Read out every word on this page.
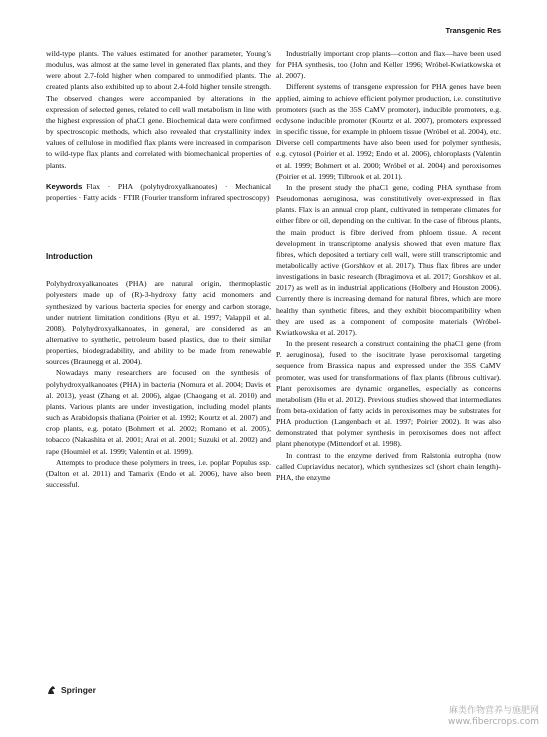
Transgenic Res

wild-type plants. The values estimated for another parameter, Young’s modulus, was almost at the same level in generated flax plants, and they were about 2.7-fold higher when compared to unmodified plants. The created plants also exhibited up to about 2.4-fold higher tensile strength. The observed changes were accompanied by alterations in the expression of selected genes, related to cell wall metabolism in line with the highest expression of phaC1 gene. Biochemical data were confirmed by spectroscopic methods, which also revealed that crystallinity index values of cellulose in modified flax plants were increased in comparison to wild-type flax plants and correlated with biomechanical properties of plants.

Keywords Flax · PHA (polyhydroxyalkanoates) · Mechanical properties · Fatty acids · FTIR (Fourier transform infrared spectroscopy)

Introduction

Polyhydroxyalkanoates (PHA) are natural origin, thermoplastic polyesters made up of (R)-3-hydroxy fatty acid monomers and synthesized by various bacteria species for energy and carbon storage, under nutrient limitation conditions (Ryu et al. 1997; Valappil et al. 2008). Polyhydroxyalkanoates, in general, are considered as an alternative to synthetic, petroleum based plastics, due to their similar properties, biodegradability, and ability to be made from renewable sources (Braunegg et al. 2004).

Nowadays many researchers are focused on the synthesis of polyhydroxyalkanoates (PHA) in bacteria (Nomura et al. 2004; Davis et al. 2013), yeast (Zhang et al. 2006), algae (Chaogang et al. 2010) and plants. Various plants are under investigation, including model plants such as Arabidopsis thaliana (Poirier et al. 1992; Kourtz et al. 2007) and crop plants, e.g. potato (Bohmert et al. 2002; Romano et al. 2005), tobacco (Nakashita et al. 2001; Arai et al. 2001; Suzuki et al. 2002) and rape (Houmiel et al. 1999; Valentin et al. 1999).

Attempts to produce these polymers in trees, i.e. poplar Populus ssp. (Dalton et al. 2011) and Tamarix (Endo et al. 2006), have also been successful.

Industrially important crop plants—cotton and flax—have been used for PHA synthesis, too (John and Keller 1996; Wróbel-Kwiatkowska et al. 2007).

Different systems of transgene expression for PHA genes have been applied, aiming to achieve efficient polymer production, i.e. constitutive promoters (such as the 35S CaMV promoter), inducible promoters, e.g. ecdysone inducible promoter (Kourtz et al. 2007), promoters expressed in specific tissue, for example in phloem tissue (Wróbel et al. 2004), etc. Diverse cell compartments have also been used for polymer synthesis, e.g. cytosol (Poirier et al. 1992; Endo et al. 2006), chloroplasts (Valentin et al. 1999; Bohmert et al. 2000; Wróbel et al. 2004) and peroxisomes (Poirier et al. 1999; Tilbrook et al. 2011).

In the present study the phaC1 gene, coding PHA synthase from Pseudomonas aeruginosa, was constitutively over-expressed in flax plants. Flax is an annual crop plant, cultivated in temperate climates for either fibre or oil, depending on the cultivar. In the case of fibrous plants, the main product is fibre derived from phloem tissue. A recent development in transcriptome analysis showed that even mature flax fibres, which deposited a tertiary cell wall, were still transcriptomic and metabolically active (Gorshkov et al. 2017). Thus flax fibres are under investigations in basic research (Ibragimova et al. 2017; Gorshkov et al. 2017) as well as in industrial applications (Holbery and Houston 2006). Currently there is increasing demand for natural fibres, which are more healthy than synthetic fibres, and they exhibit biocompatibility when they are used as a component of composite materials (Wróbel-Kwiatkowska et al. 2017).

In the present research a construct containing the phaC1 gene (from P. aeruginosa), fused to the isocitrate lyase peroxisomal targeting sequence from Brassica napus and expressed under the 35S CaMV promoter, was used for transformations of flax plants (fibrous cultivar). Plant peroxisomes are dynamic organelles, especially as concerns metabolism (Hu et al. 2012). Previous studies showed that intermediates from beta-oxidation of fatty acids in peroxisomes may be substrates for PHA production (Langenbach et al. 1997; Poirier 2002). It was also demonstrated that polymer synthesis in peroxisomes does not affect plant phenotype (Mittendorf et al. 1998).

In contrast to the enzyme derived from Ralstonia eutropha (now called Cupriavidus necator), which synthesizes scl (short chain length)-PHA, the enzyme

Springer
麻类作物营养与施肥网
www.fibercrops.com
